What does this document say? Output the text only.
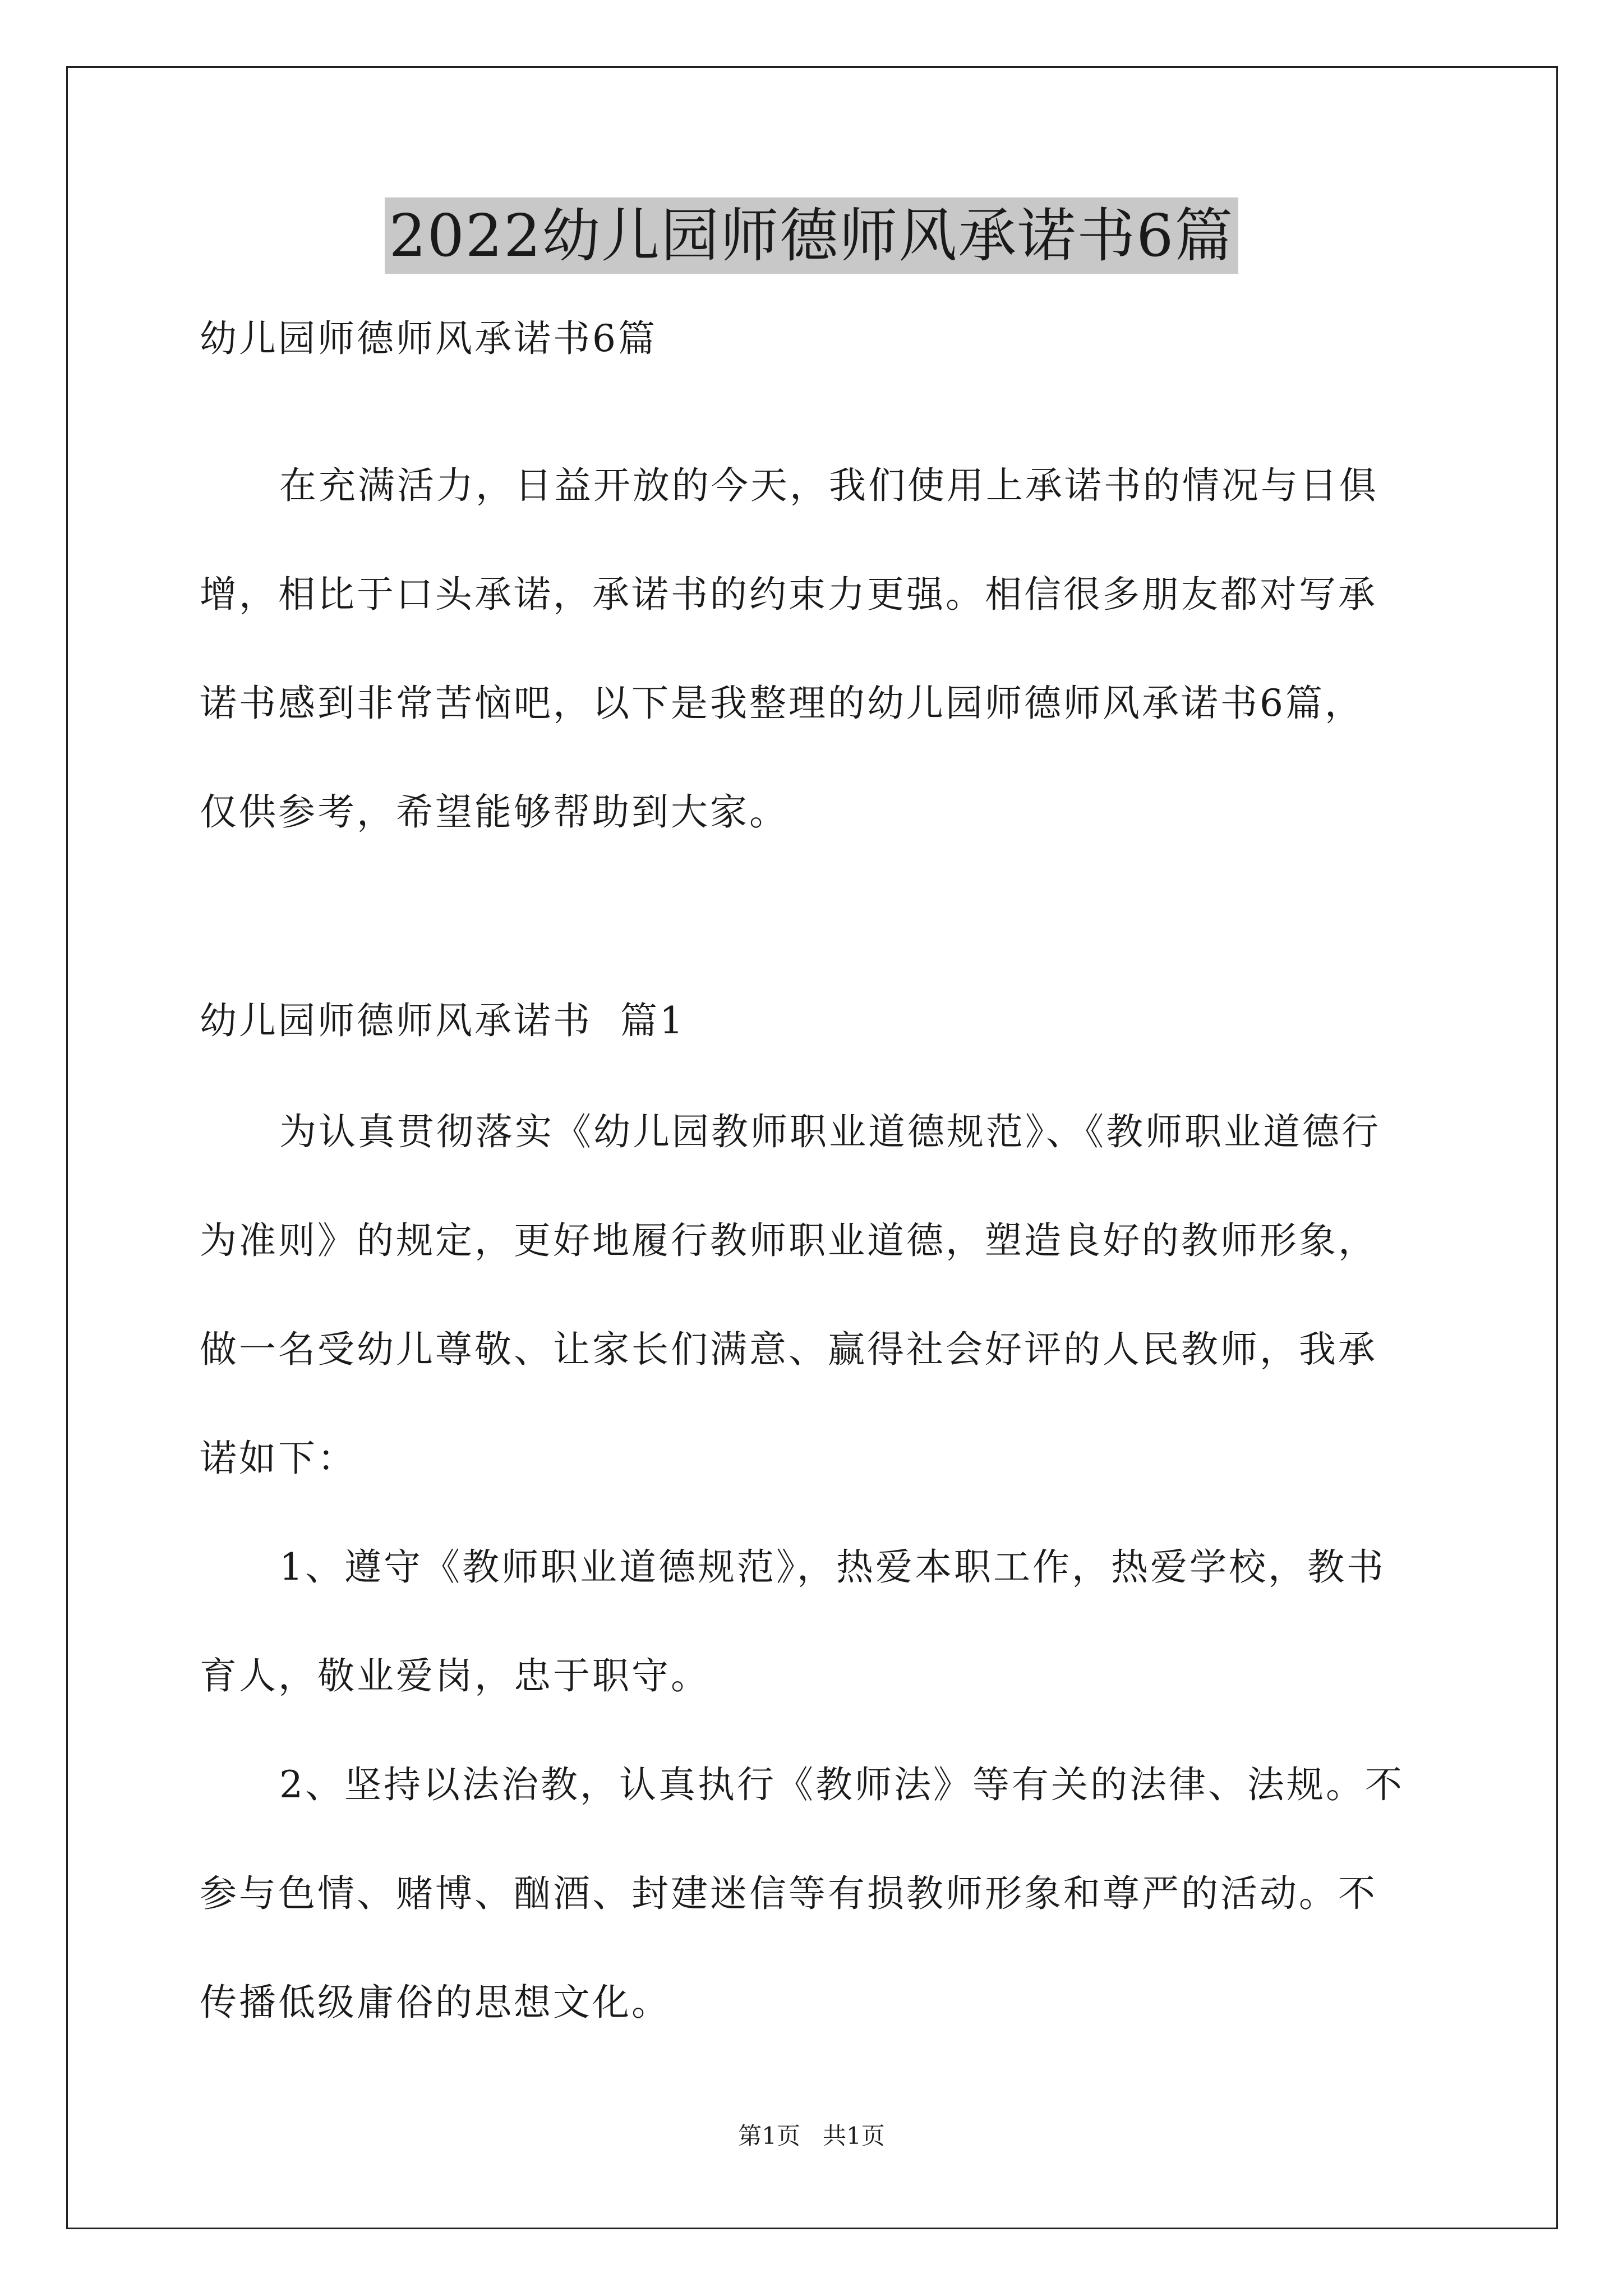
2022幼儿园师德师风承诺书6篇
幼儿园师德师风承诺书6篇
在充满活力，日益开放的今天，我们使用上承诺书的情况与日俱
增，相比于口头承诺，承诺书的约束力更强。相信很多朋友都对写承
诺书感到非常苦恼吧，以下是我整理的幼儿园师德师风承诺书6篇，
仅供参考，希望能够帮助到大家。
幼儿园师德师风承诺书  篇1
为认真贯彻落实《幼儿园教师职业道德规范》、《教师职业道德行
为准则》的规定，更好地履行教师职业道德，塑造良好的教师形象，
做一名受幼儿尊敬、让家长们满意、赢得社会好评的人民教师，我承
诺如下：
1、遵守《教师职业道德规范》，热爱本职工作，热爱学校，教书
育人，敬业爱岗，忠于职守。
2、坚持以法治教，认真执行《教师法》等有关的法律、法规。不
参与色情、赌博、酗酒、封建迷信等有损教师形象和尊严的活动。不
传播低级庸俗的思想文化。
第1页   共1页
